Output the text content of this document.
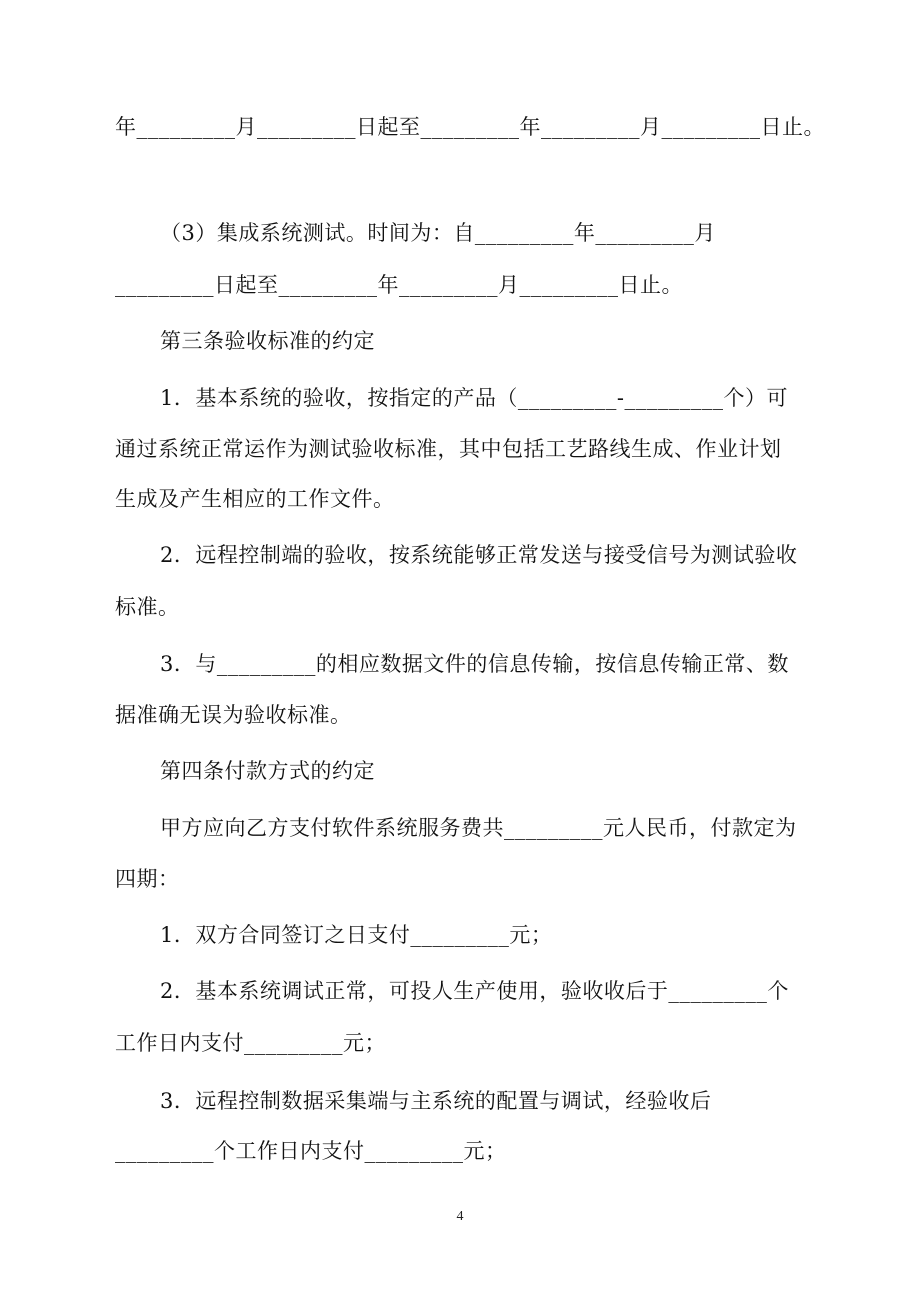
年_________月_________日起至_________年_________月_________日止。
（3）集成系统测试。时间为：自_________年_________月
_________日起至_________年_________月_________日止。
第三条验收标准的约定
1．基本系统的验收，按指定的产品（_________-_________个）可
通过系统正常运作为测试验收标准，其中包括工艺路线生成、作业计划
生成及产生相应的工作文件。
2．远程控制端的验收，按系统能够正常发送与接受信号为测试验收
标准。
3．与_________的相应数据文件的信息传输，按信息传输正常、数
据准确无误为验收标准。
第四条付款方式的约定
甲方应向乙方支付软件系统服务费共_________元人民币，付款定为
四期：
1．双方合同签订之日支付_________元；
2．基本系统调试正常，可投人生产使用，验收收后于_________个
工作日内支付_________元；
3．远程控制数据采集端与主系统的配置与调试，经验收后
_________个工作日内支付_________元；
4
